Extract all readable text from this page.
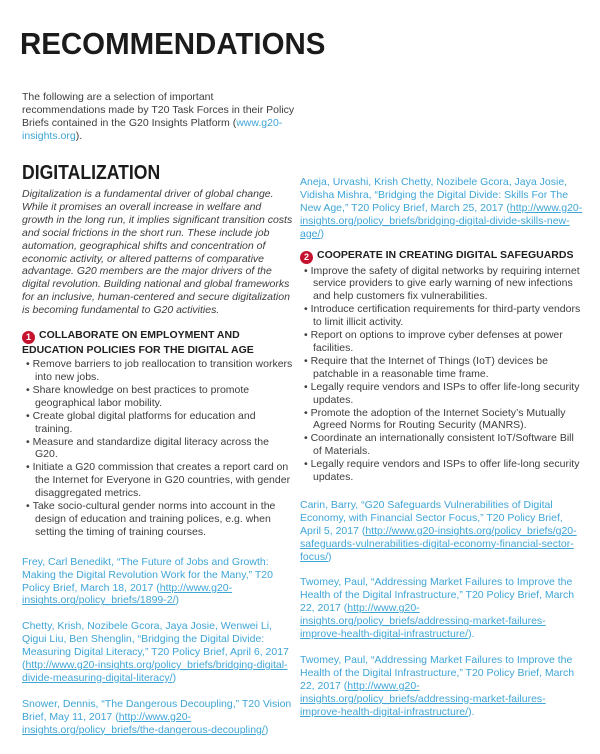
RECOMMENDATIONS

The following are a selection of important recommendations made by T20 Task Forces in their Policy Briefs contained in the G20 Insights Platform (www.g20-insights.org).

DIGITALIZATION

Digitalization is a fundamental driver of global change. While it promises an overall increase in welfare and growth in the long run, it implies significant transition costs and social frictions in the short run. These include job automation, geographical shifts and concentration of economic activity, or altered patterns of comparative advantage. G20 members are the major drivers of the digital revolution. Building national and global frameworks for an inclusive, human-centered and secure digitalization is becoming fundamental to G20 activities.

1 COLLABORATE ON EMPLOYMENT AND EDUCATION POLICIES FOR THE DIGITAL AGE

• Remove barriers to job reallocation to transition workers into new jobs.
• Share knowledge on best practices to promote geographical labor mobility.
• Create global digital platforms for education and training.
• Measure and standardize digital literacy across the G20.
• Initiate a G20 commission that creates a report card on the Internet for Everyone in G20 countries, with gender disaggregated metrics.
• Take socio-cultural gender norms into account in the design of education and training polices, e.g. when setting the timing of training courses.

Frey, Carl Benedikt, “The Future of Jobs and Growth: Making the Digital Revolution Work for the Many,” T20 Policy Brief, March 18, 2017 (http://www.g20-insights.org/policy_briefs/1899-2/)

Chetty, Krish, Nozibele Gcora, Jaya Josie, Wenwei Li, Qigui Liu, Ben Shenglin, “Bridging the Digital Divide: Measuring Digital Literacy,” T20 Policy Brief, April 6, 2017 (http://www.g20-insights.org/policy_briefs/bridging-digital-divide-measuring-digital-literacy/)

Snower, Dennis, “The Dangerous Decoupling,” T20 Vision Brief, May 11, 2017 (http://www.g20-insights.org/policy_briefs/the-dangerous-decoupling/)

Aneja, Urvashi, Krish Chetty, Nozibele Gcora, Jaya Josie, Vidisha Mishra, “Bridging the Digital Divide: Skills For The New Age,” T20 Policy Brief, March 25, 2017 (http://www.g20-insights.org/policy_briefs/bridging-digital-divide-skills-new-age/)

2 COOPERATE IN CREATING DIGITAL SAFEGUARDS

• Improve the safety of digital networks by requiring internet service providers to give early warning of new infections and help customers fix vulnerabilities.
• Introduce certification requirements for third-party vendors to limit illicit activity.
• Report on options to improve cyber defenses at power facilities.
• Require that the Internet of Things (IoT) devices be patchable in a reasonable time frame.
• Legally require vendors and ISPs to offer life-long security updates.
• Promote the adoption of the Internet Society’s Mutually Agreed Norms for Routing Security (MANRS).
• Coordinate an internationally consistent IoT/Software Bill of Materials.
• Legally require vendors and ISPs to offer life-long security updates.

Carin, Barry, “G20 Safeguards Vulnerabilities of Digital Economy, with Financial Sector Focus,” T20 Policy Brief, April 5, 2017 (http://www.g20-insights.org/policy_briefs/g20-safeguards-vulnerabilities-digital-economy-financial-sector-focus/)

Twomey, Paul, “Addressing Market Failures to Improve the Health of the Digital Infrastructure,” T20 Policy Brief, March 22, 2017 (http://www.g20-insights.org/policy_briefs/addressing-market-failures-improve-health-digital-infrastructure/).

Twomey, Paul, “Addressing Market Failures to Improve the Health of the Digital Infrastructure,” T20 Policy Brief, March 22, 2017 (http://www.g20-insights.org/policy_briefs/addressing-market-failures-improve-health-digital-infrastructure/).
